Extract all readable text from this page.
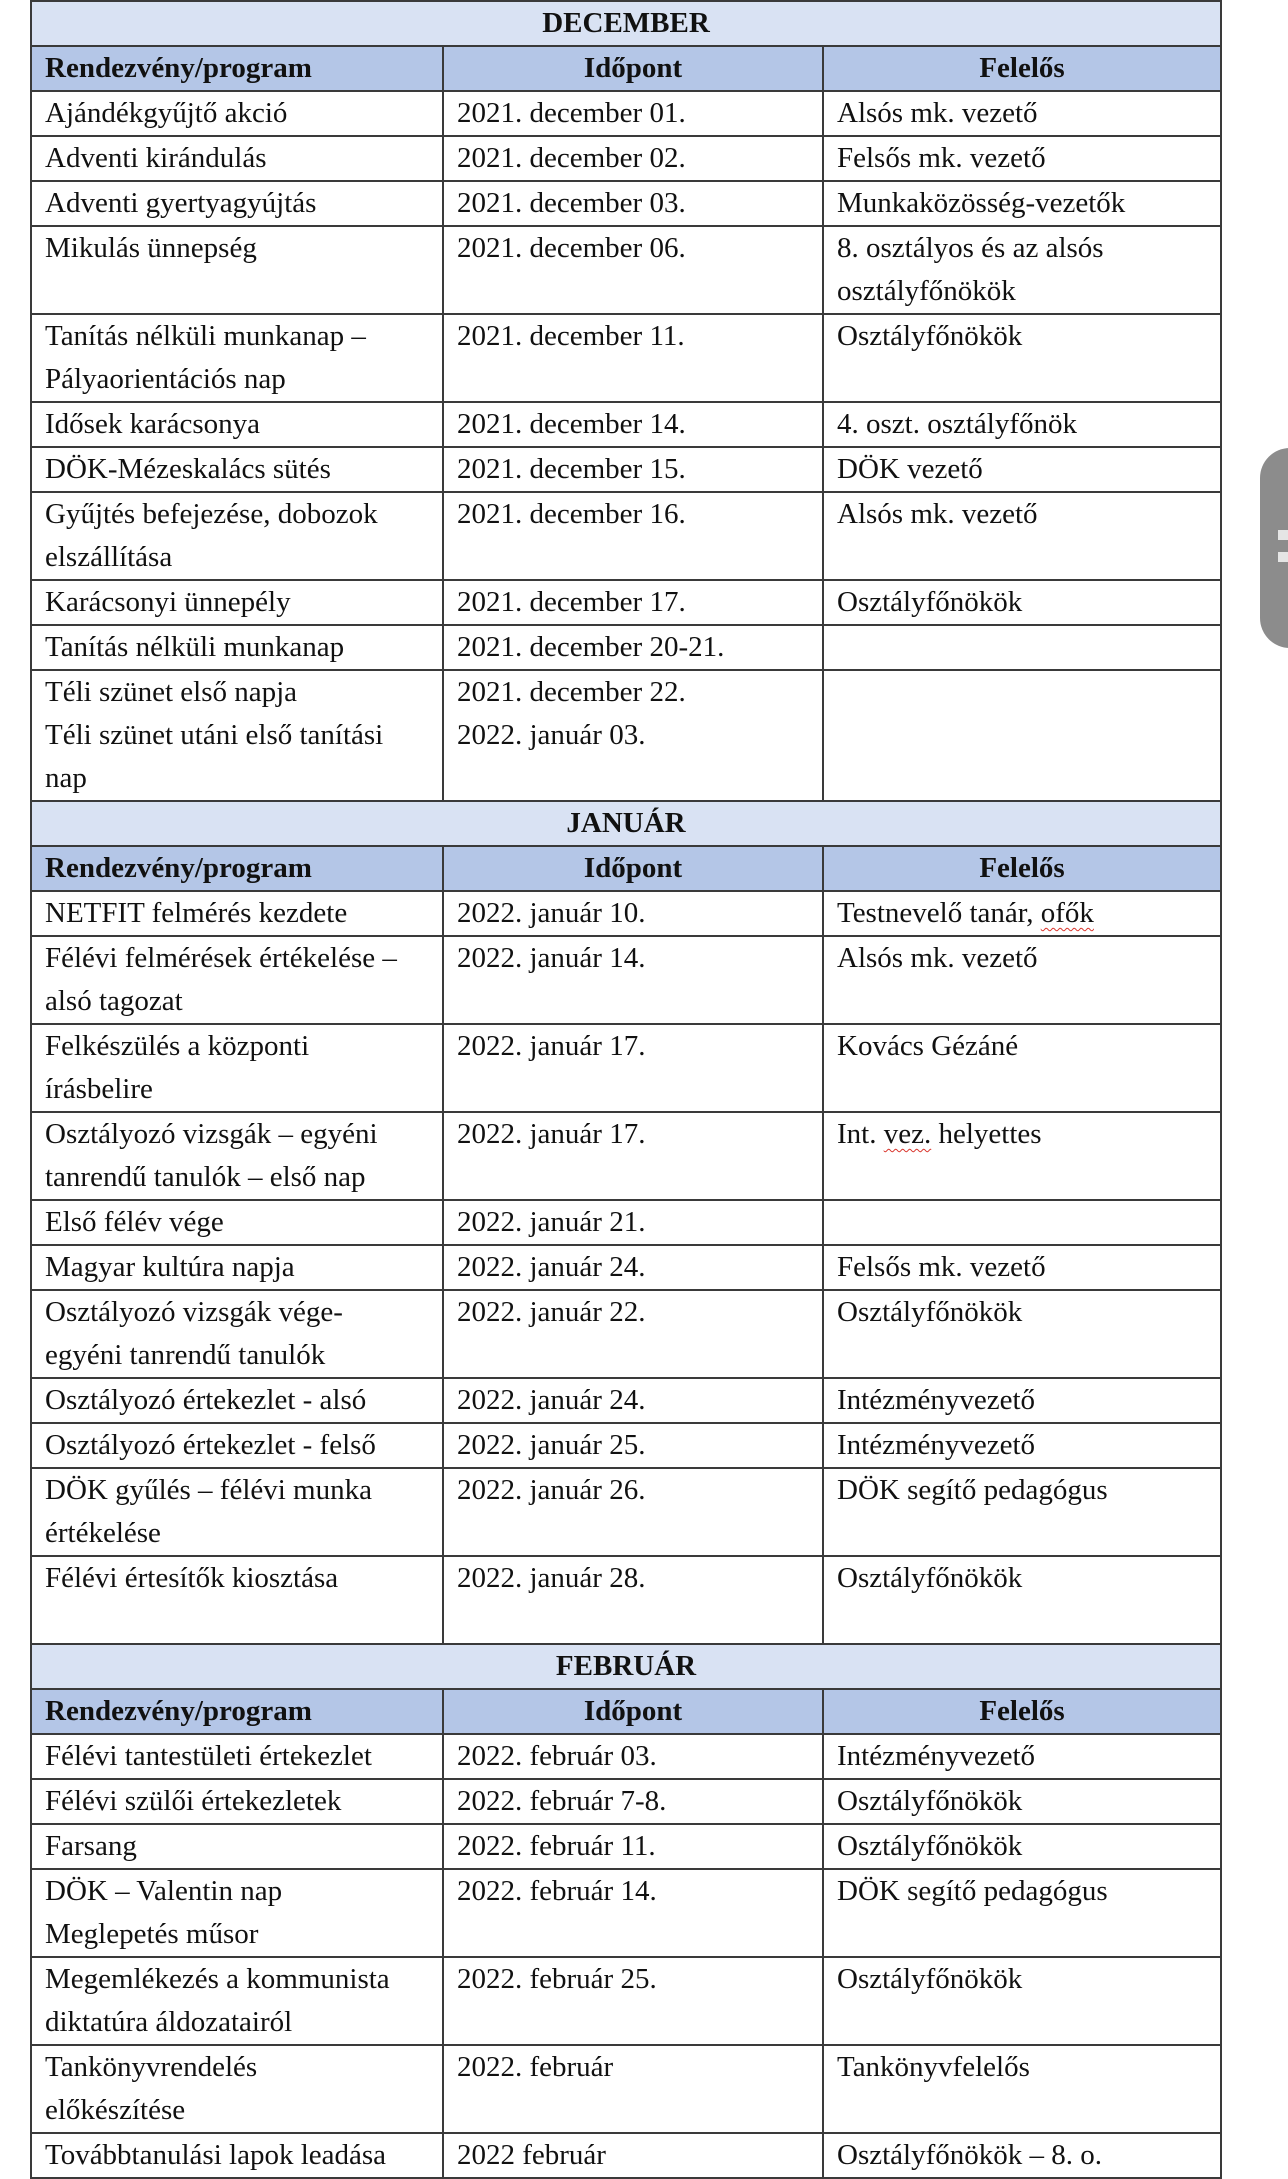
DECEMBER		
Rendezvény/program	Időpont	Felelős

Ajándékgyűjtő akció	2021. december 01.	Alsós mk. vezető

Adventi kirándulás	2021. december 02.	Felsős mk. vezető

Adventi gyertyagyújtás	2021. december 03.	Munkaközösség-vezetők

Mikulás ünnepség	2021. december 06.	8. osztályos és az alsós
osztályfőnökök

Tanítás nélküli munkanap –
Pályaorientációs nap	2021. december 11.	Osztályfőnökök

Idősek karácsonya	2021. december 14.	4. oszt. osztályfőnök

DÖK-Mézeskalács sütés	2021. december 15.	DÖK vezető

Gyűjtés befejezése, dobozok
elszállítása	2021. december 16.	Alsós mk. vezető

Karácsonyi ünnepély	2021. december 17.	Osztályfőnökök

Tanítás nélküli munkanap	2021. december 20-21.	

Téli szünet első napja
Téli szünet utáni első tanítási
nap	2021. december 22.
2022. január 03.	

JANUÁR		
Rendezvény/program	Időpont	Felelős

NETFIT felmérés kezdete	2022. január 10.	Testnevelő tanár, ofők

Félévi felmérések értékelése –
alsó tagozat	2022. január 14.	Alsós mk. vezető

Felkészülés a központi
írásbelire	2022. január 17.	Kovács Gézáné

Osztályozó vizsgák – egyéni
tanrendű tanulók – első nap	2022. január 17.	Int. vez. helyettes

Első félév vége	2022. január 21.	

Magyar kultúra napja	2022. január 24.	Felsős mk. vezető

Osztályozó vizsgák vége-
egyéni tanrendű tanulók	2022. január 22.	Osztályfőnökök

Osztályozó értekezlet - alsó	2022. január 24.	Intézményvezető

Osztályozó értekezlet - felső	2022. január 25.	Intézményvezető

DÖK gyűlés – félévi munka
értékelése	2022. január 26.	DÖK segítő pedagógus

Félévi értesítők kiosztása	2022. január 28.	Osztályfőnökök

FEBRUÁR		
Rendezvény/program	Időpont	Felelős

Félévi tantestületi értekezlet	2022. február 03.	Intézményvezető

Félévi szülői értekezletek	2022. február 7-8.	Osztályfőnökök

Farsang	2022. február 11.	Osztályfőnökök

DÖK – Valentin nap
Meglepetés műsor	2022. február 14.	DÖK segítő pedagógus

Megemlékezés a kommunista
diktatúra áldozatairól	2022. február 25.	Osztályfőnökök

Tankönyvrendelés
előkészítése	2022. február	Tankönyvfelelős

Továbbtanulási lapok leadása	2022 február	Osztályfőnökök – 8. o.
